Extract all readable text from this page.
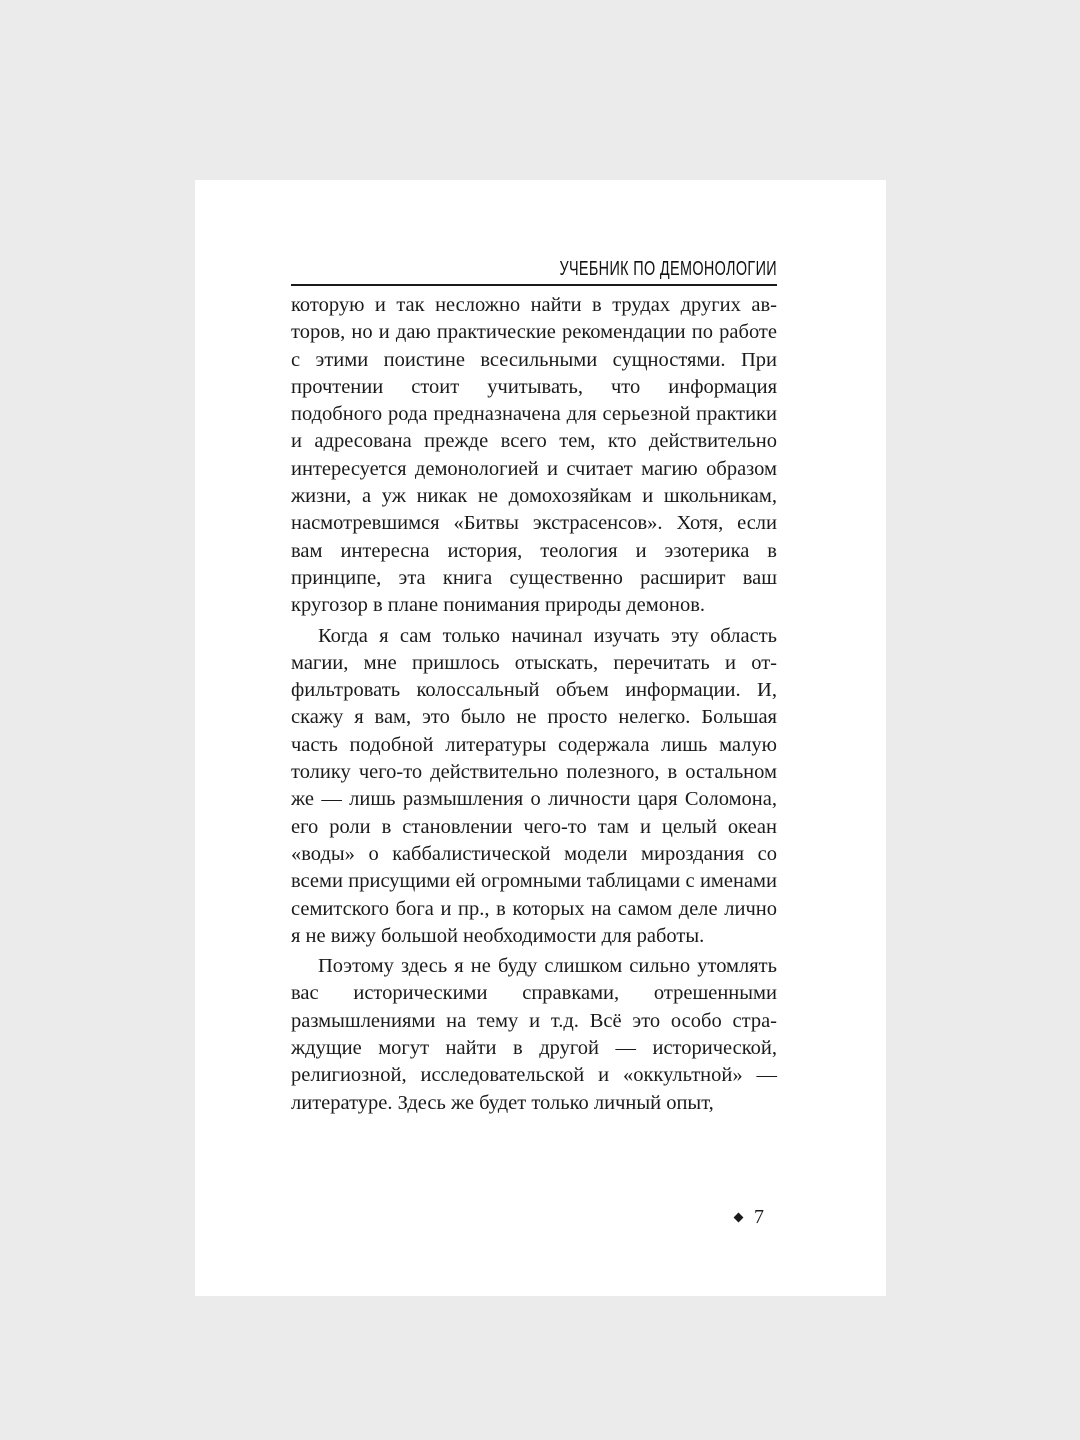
УЧЕБНИК ПО ДЕМОНОЛОГИИ

которую и так несложно найти в трудах других авторов, но и даю практические рекомендации по работе с этими поистине всесильными сущностями. При прочтении стоит учитывать, что информация подобного рода предназначена для серьезной практики и адресована прежде всего тем, кто действительно интересуется демонологией и считает магию образом жизни, а уж никак не домохозяйкам и школьникам, насмотревшимся «Битвы экстрасенсов». Хотя, если вам интересна история, теология и эзотерика в принципе, эта книга существенно расширит ваш кругозор в плане понимания природы демонов.

Когда я сам только начинал изучать эту область магии, мне пришлось отыскать, перечитать и отфильтровать колоссальный объем информации. И, скажу я вам, это было не просто нелегко. Большая часть подобной литературы содержала лишь малую толику чего-то действительно полезного, в остальном же — лишь размышления о личности царя Соломона, его роли в становлении чего-то там и целый океан «воды» о каббалистической модели мироздания со всеми присущими ей огромными таблицами с именами семитского бога и пр., в которых на самом деле лично я не вижу большой необходимости для работы.

Поэтому здесь я не буду слишком сильно утомлять вас историческими справками, отрешенными размышлениями на тему и т.д. Всё это особо страждущие могут найти в другой — исторической, религиозной, исследовательской и «оккультной» — литературе. Здесь же будет только личный опыт,

7
